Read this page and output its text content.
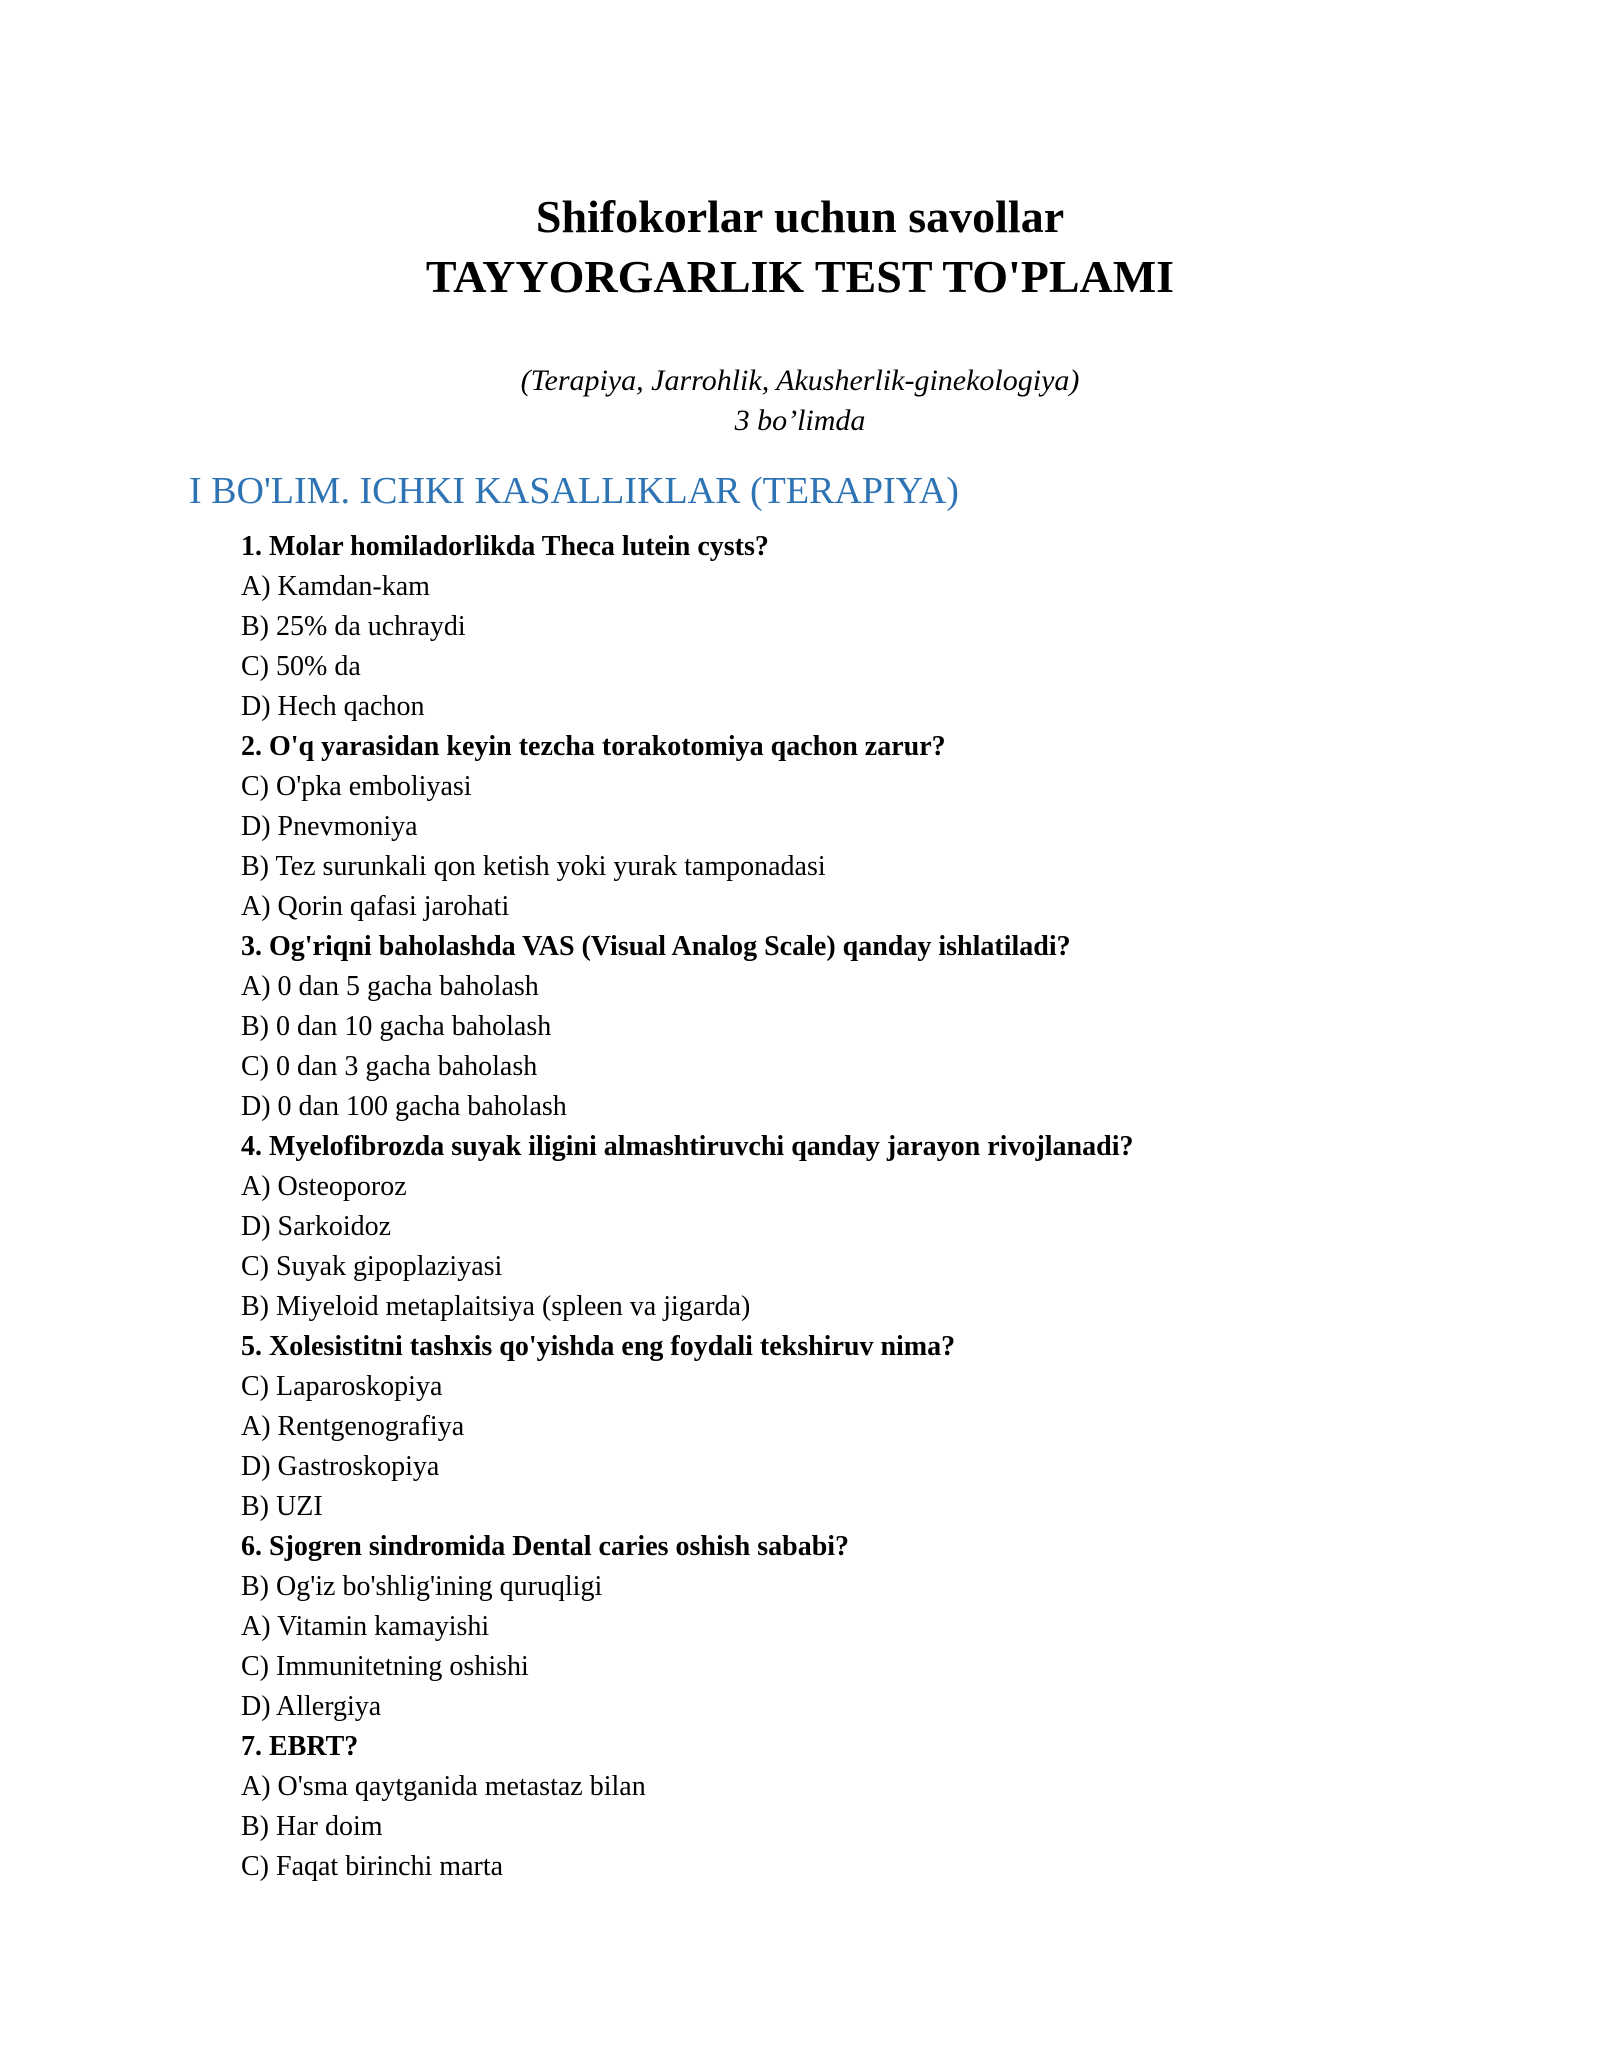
Shifokorlar uchun savollar

TAYYORGARLIK TEST TO'PLAMI

(Terapiya, Jarrohlik, Akusherlik-ginekologiya)

3 bo’limda

I BO'LIM. ICHKI KASALLIKLAR (TERAPIYA)

1. Molar homiladorlikda Theca lutein cysts?

A) Kamdan-kam

B) 25% da uchraydi

C) 50% da

D) Hech qachon

2. O'q yarasidan keyin tezcha torakotomiya qachon zarur?

C) O'pka emboliyasi

D) Pnevmoniya

B) Tez surunkali qon ketish yoki yurak tamponadasi

A) Qorin qafasi jarohati

3. Og'riqni baholashda VAS (Visual Analog Scale) qanday ishlatiladi?

A) 0 dan 5 gacha baholash

B) 0 dan 10 gacha baholash

C) 0 dan 3 gacha baholash

D) 0 dan 100 gacha baholash

4. Myelofibrozda suyak iligini almashtiruvchi qanday jarayon rivojlanadi?

A) Osteoporoz

D) Sarkoidoz

C) Suyak gipoplaziyasi

B) Miyeloid metaplaitsiya (spleen va jigarda)

5. Xolesistitni tashxis qo'yishda eng foydali tekshiruv nima?

C) Laparoskopiya

A) Rentgenografiya

D) Gastroskopiya

B) UZI

6. Sjogren sindromida Dental caries oshish sababi?

B) Og'iz bo'shlig'ining quruqligi

A) Vitamin kamayishi

C) Immunitetning oshishi

D) Allergiya

7. EBRT?

A) O'sma qaytganida metastaz bilan

B) Har doim

C) Faqat birinchi marta
